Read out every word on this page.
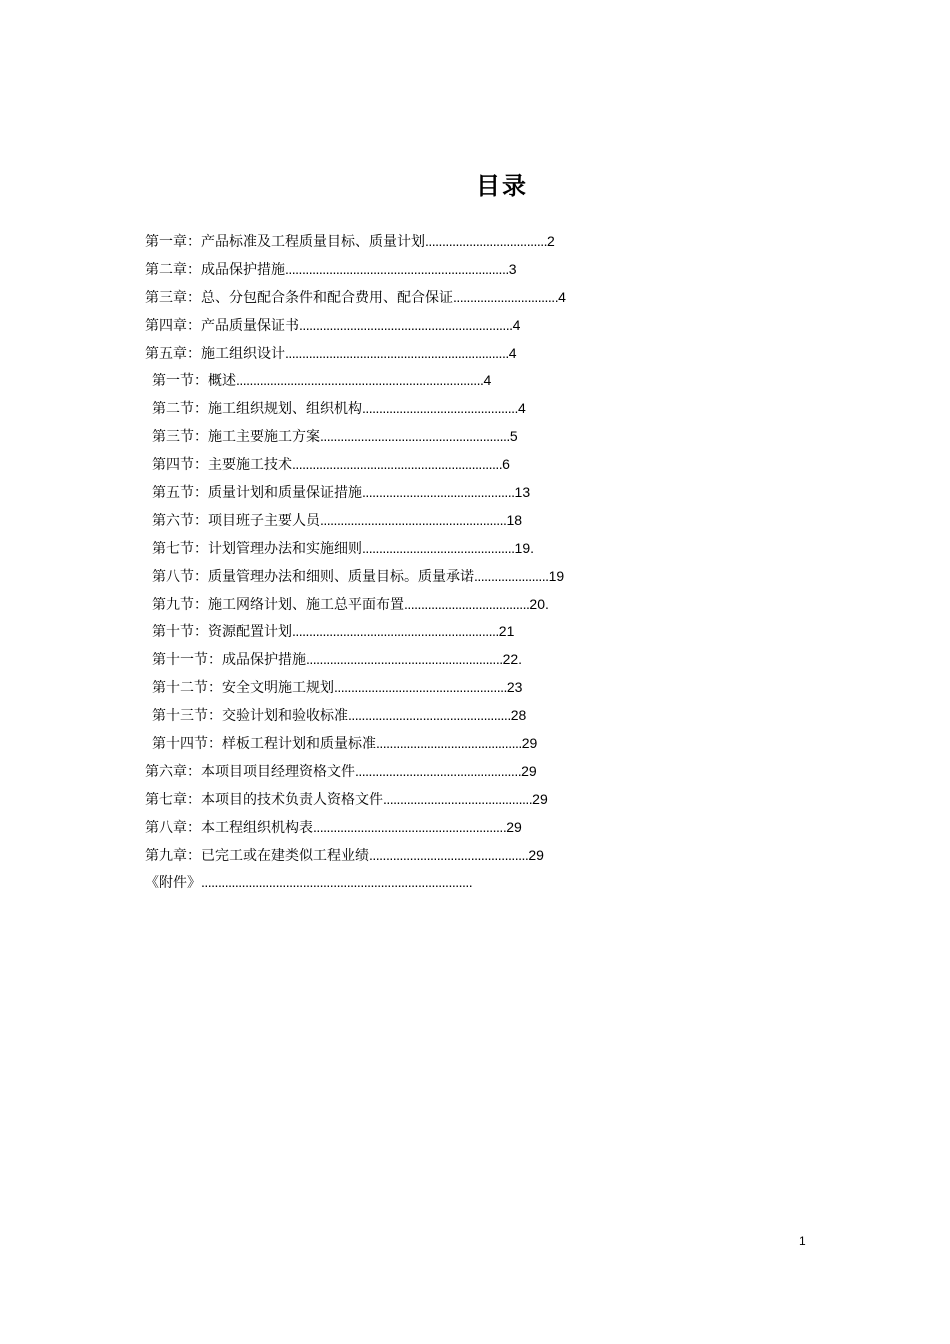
目录
第一章：产品标准及工程质量目标、质量计划....................................2
第二章：成品保护措施..................................................................3
第三章：总、分包配合条件和配合费用、配合保证...............................4
第四章：产品质量保证书...............................................................4
第五章：施工组织设计..................................................................4
第一节：概述.........................................................................4
第二节：施工组织规划、组织机构..............................................4
第三节：施工主要施工方案........................................................5
第四节：主要施工技术..............................................................6
第五节：质量计划和质量保证措施.............................................13
第六节：项目班子主要人员.......................................................18
第七节：计划管理办法和实施细则.............................................19.
第八节：质量管理办法和细则、质量目标。质量承诺......................19
第九节：施工网络计划、施工总平面布置.....................................20.
第十节：资源配置计划.............................................................21
第十一节：成品保护措施..........................................................22.
第十二节：安全文明施工规划...................................................23
第十三节：交验计划和验收标准................................................28
第十四节：样板工程计划和质量标准...........................................29
第六章：本项目项目经理资格文件.................................................29
第七章：本项目的技术负责人资格文件............................................29
第八章：本工程组织机构表.........................................................29
第九章：已完工或在建类似工程业绩...............................................29
《附件》................................................................................
1
